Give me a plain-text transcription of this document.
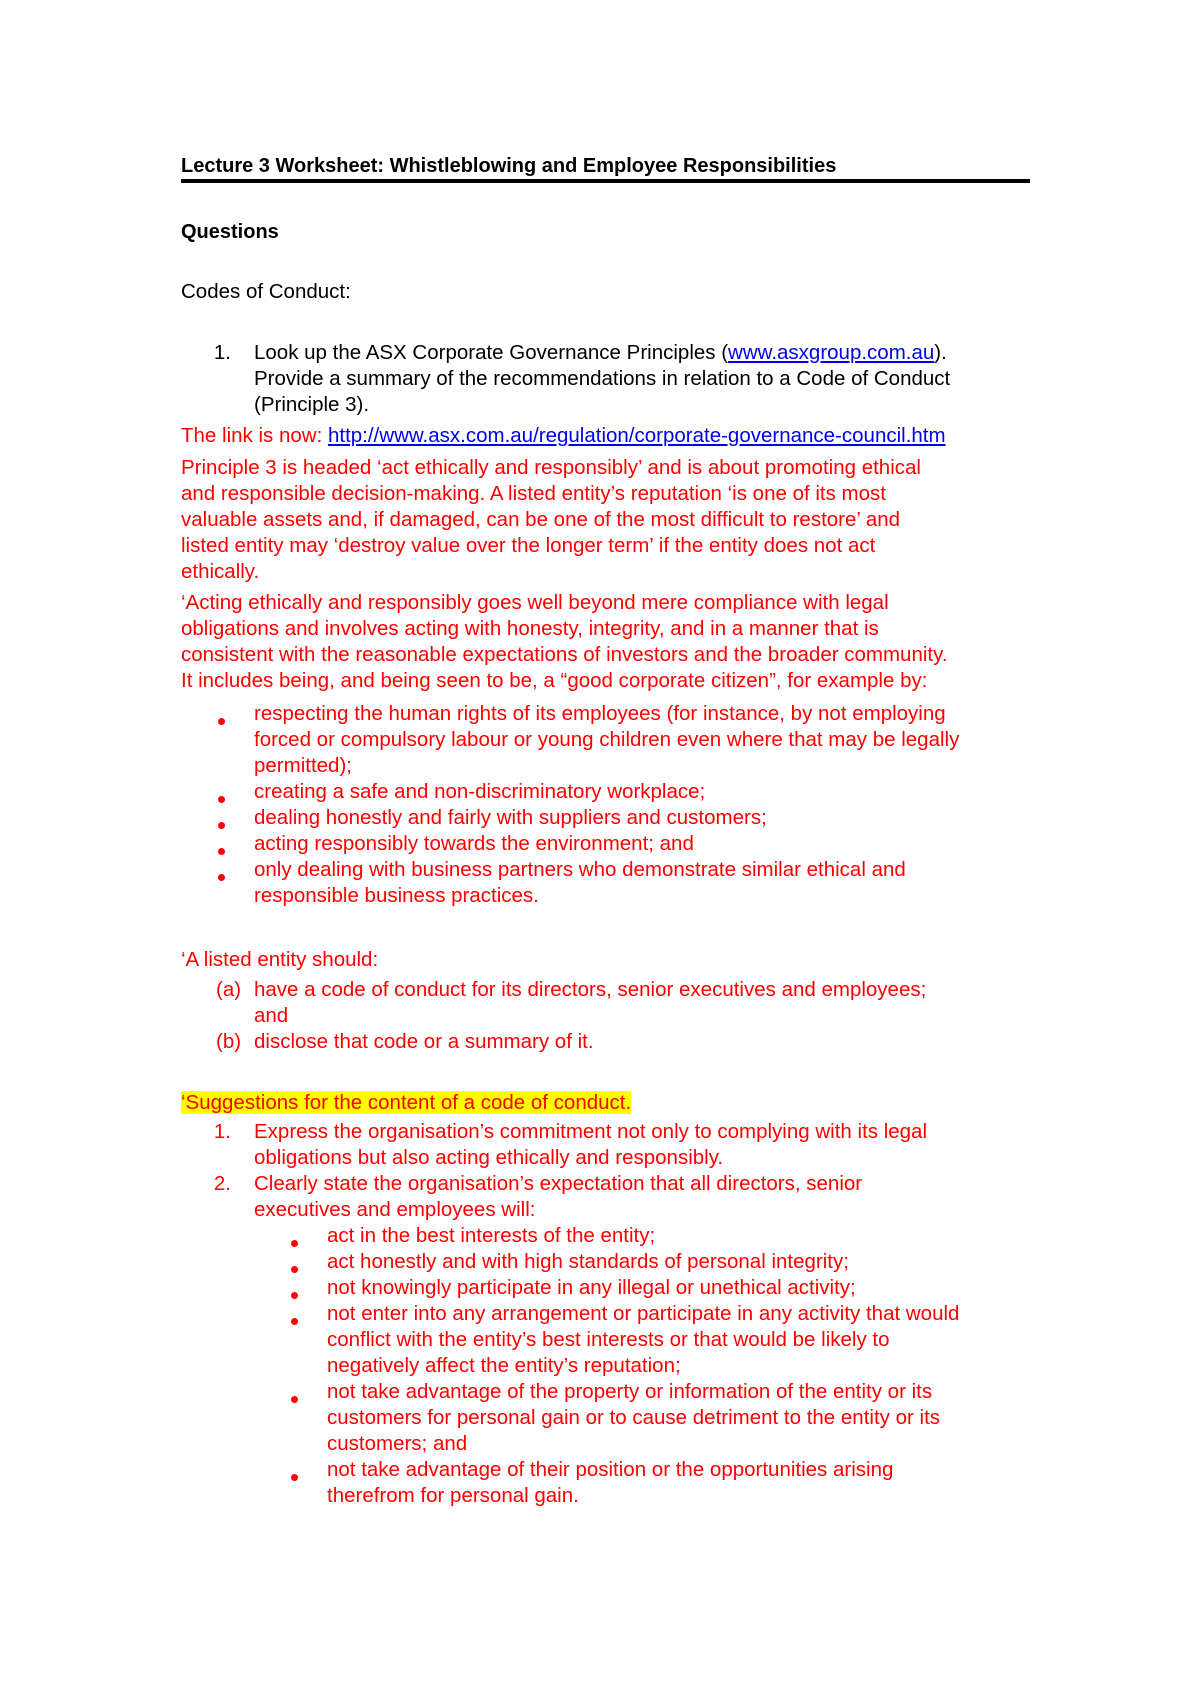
Lecture 3 Worksheet: Whistleblowing and Employee Responsibilities
Questions
Codes of Conduct:
1. Look up the ASX Corporate Governance Principles (www.asxgroup.com.au).
Provide a summary of the recommendations in relation to a Code of Conduct
(Principle 3).
The link is now: http://www.asx.com.au/regulation/corporate-governance-council.htm
Principle 3 is headed ‘act ethically and responsibly’ and is about promoting ethical
and responsible decision-making. A listed entity’s reputation ‘is one of its most
valuable assets and, if damaged, can be one of the most difficult to restore’ and
listed entity may ‘destroy value over the longer term’ if the entity does not act
ethically.
‘Acting ethically and responsibly goes well beyond mere compliance with legal
obligations and involves acting with honesty, integrity, and in a manner that is
consistent with the reasonable expectations of investors and the broader community.
It includes being, and being seen to be, a “good corporate citizen”, for example by:
respecting the human rights of its employees (for instance, by not employing
forced or compulsory labour or young children even where that may be legally
permitted);
creating a safe and non-discriminatory workplace;
dealing honestly and fairly with suppliers and customers;
acting responsibly towards the environment; and
only dealing with business partners who demonstrate similar ethical and
responsible business practices.
‘A listed entity should:
(a) have a code of conduct for its directors, senior executives and employees;
and
(b) disclose that code or a summary of it.
‘Suggestions for the content of a code of conduct.
1. Express the organisation’s commitment not only to complying with its legal
obligations but also acting ethically and responsibly.
2. Clearly state the organisation’s expectation that all directors, senior
executives and employees will:
act in the best interests of the entity;
act honestly and with high standards of personal integrity;
not knowingly participate in any illegal or unethical activity;
not enter into any arrangement or participate in any activity that would
conflict with the entity’s best interests or that would be likely to
negatively affect the entity’s reputation;
not take advantage of the property or information of the entity or its
customers for personal gain or to cause detriment to the entity or its
customers; and
not take advantage of their position or the opportunities arising
therefrom for personal gain.
